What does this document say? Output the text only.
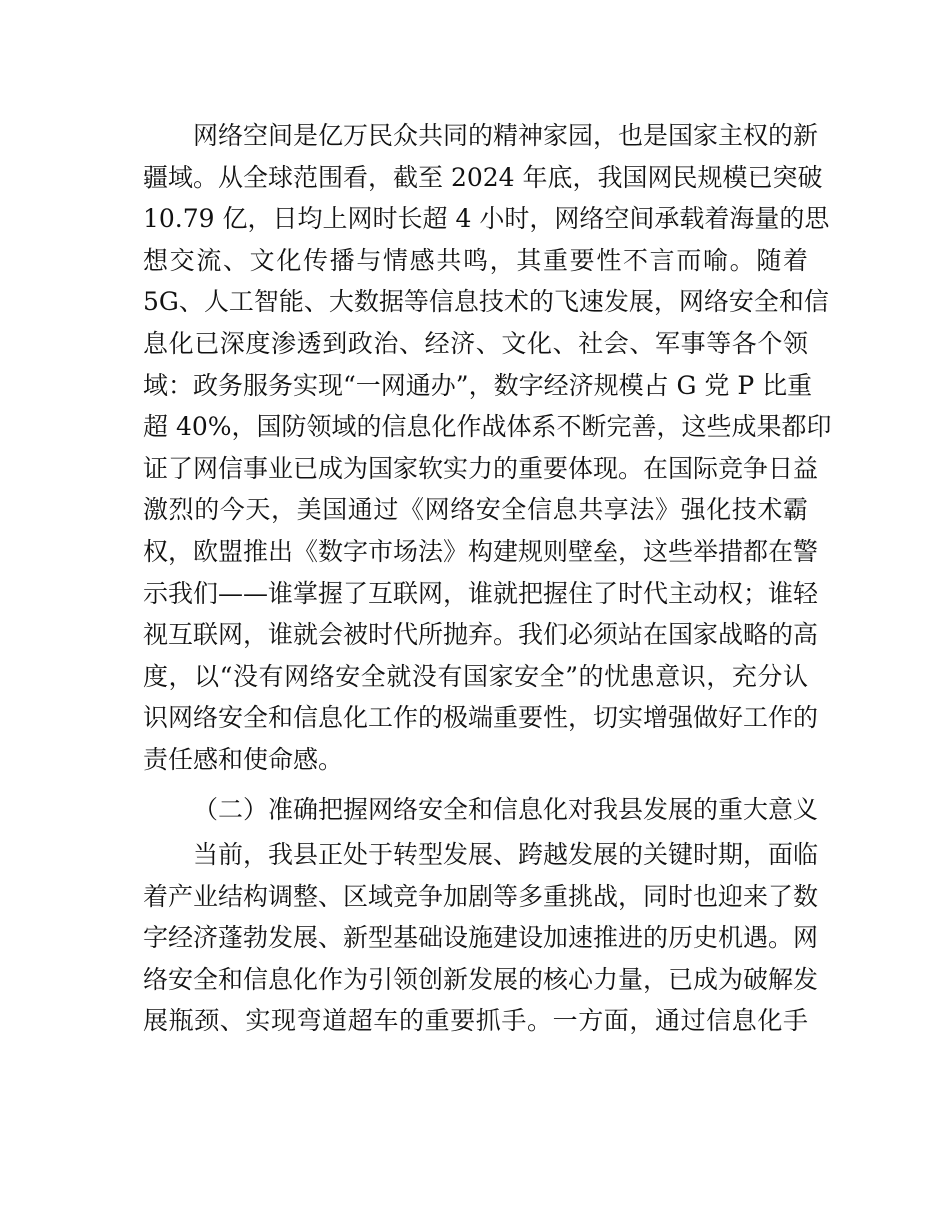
网络空间是亿万民众共同的精神家园，也是国家主权的新
疆域。从全球范围看，截至 2024 年底，我国网民规模已突破
10.79 亿，日均上网时长超 4 小时，网络空间承载着海量的思
想交流、文化传播与情感共鸣，其重要性不言而喻。随着
5G、人工智能、大数据等信息技术的飞速发展，网络安全和信
息化已深度渗透到政治、经济、文化、社会、军事等各个领
域：政务服务实现“一网通办”，数字经济规模占 G 党 P 比重
超 40%，国防领域的信息化作战体系不断完善，这些成果都印
证了网信事业已成为国家软实力的重要体现。在国际竞争日益
激烈的今天，美国通过《网络安全信息共享法》强化技术霸
权，欧盟推出《数字市场法》构建规则壁垒，这些举措都在警
示我们——谁掌握了互联网，谁就把握住了时代主动权；谁轻
视互联网，谁就会被时代所抛弃。我们必须站在国家战略的高
度，以“没有网络安全就没有国家安全”的忧患意识，充分认
识网络安全和信息化工作的极端重要性，切实增强做好工作的
责任感和使命感。
（二）准确把握网络安全和信息化对我县发展的重大意义
当前，我县正处于转型发展、跨越发展的关键时期，面临
着产业结构调整、区域竞争加剧等多重挑战，同时也迎来了数
字经济蓬勃发展、新型基础设施建设加速推进的历史机遇。网
络安全和信息化作为引领创新发展的核心力量，已成为破解发
展瓶颈、实现弯道超车的重要抓手。一方面，通过信息化手
